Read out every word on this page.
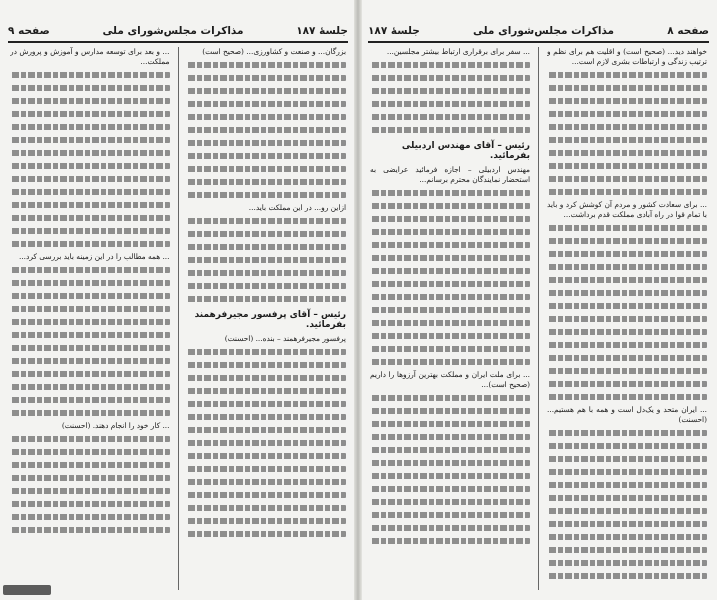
صفحه ۸
مذاکرات مجلس‌شورای ملی
جلسهٔ ۱۸۷
خواهند دید... (صحیح است) و اقلیت هم برای نظم و ترتیب زندگی و ارتباطات بشری لازم است...
... برای سعادت کشور و مردم آن کوشش کرد و باید با تمام قوا در راه آبادی مملکت قدم برداشت...
... ایران متحد و یک‌دل است و همه با هم هستیم... (احسنت)
... سفر برای برقراری ارتباط بیشتر مجلسین...
رئیس – آقای مهندس اردبیلی بفرمائید.
مهندس اردبیلی – اجازه فرمائید عرایضی به استحضار نمایندگان محترم برسانم...
... برای ملت ایران و مملکت بهترین آرزوها را داریم (صحیح است)...
جلسهٔ ۱۸۷
مذاکرات مجلس‌شورای ملی
صفحه ۹
بزرگان... و صنعت و کشاورزی... (صحیح است)
ازاین رو... در این مملکت باید...
رئیس – آقای پرفسور مجیرفرهمند بفرمائید.
پرفسور مجیرفرهمند – بنده... (احسنت)
... و بعد برای توسعه مدارس و آموزش و پرورش در مملکت...
... همه مطالب را در این زمینه باید بررسی کرد...
... کار خود را انجام دهند. (احسنت)
